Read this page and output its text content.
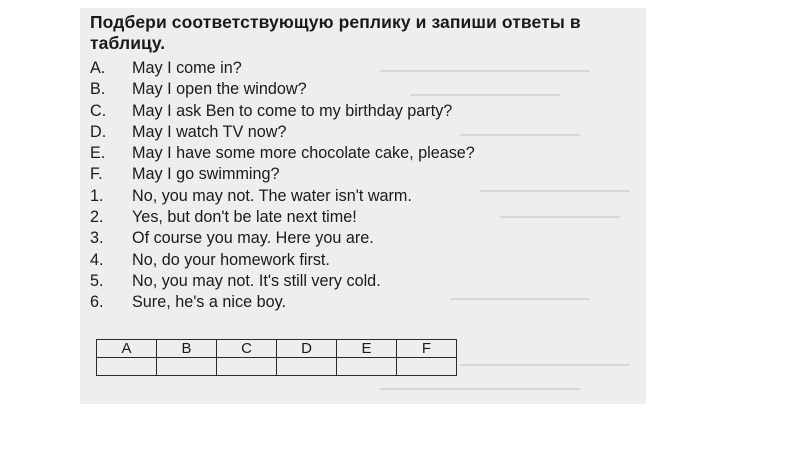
Подбери соответствующую реплику и запиши ответы в
таблицу.
A.	May I come in?
B.	May I open the window?
C.	May I ask Ben to come to my birthday party?
D.	May I watch TV now?
E.	May I have some more chocolate cake, please?
F.	May I go swimming?
1.	No, you may not. The water isn't warm.
2.	Yes, but don't be late next time!
3.	Of course you may. Here you are.
4.	No, do your homework first.
5.	No, you may not. It's still very cold.
6.	Sure, he's a nice boy.
A	B	C	D	E	F
